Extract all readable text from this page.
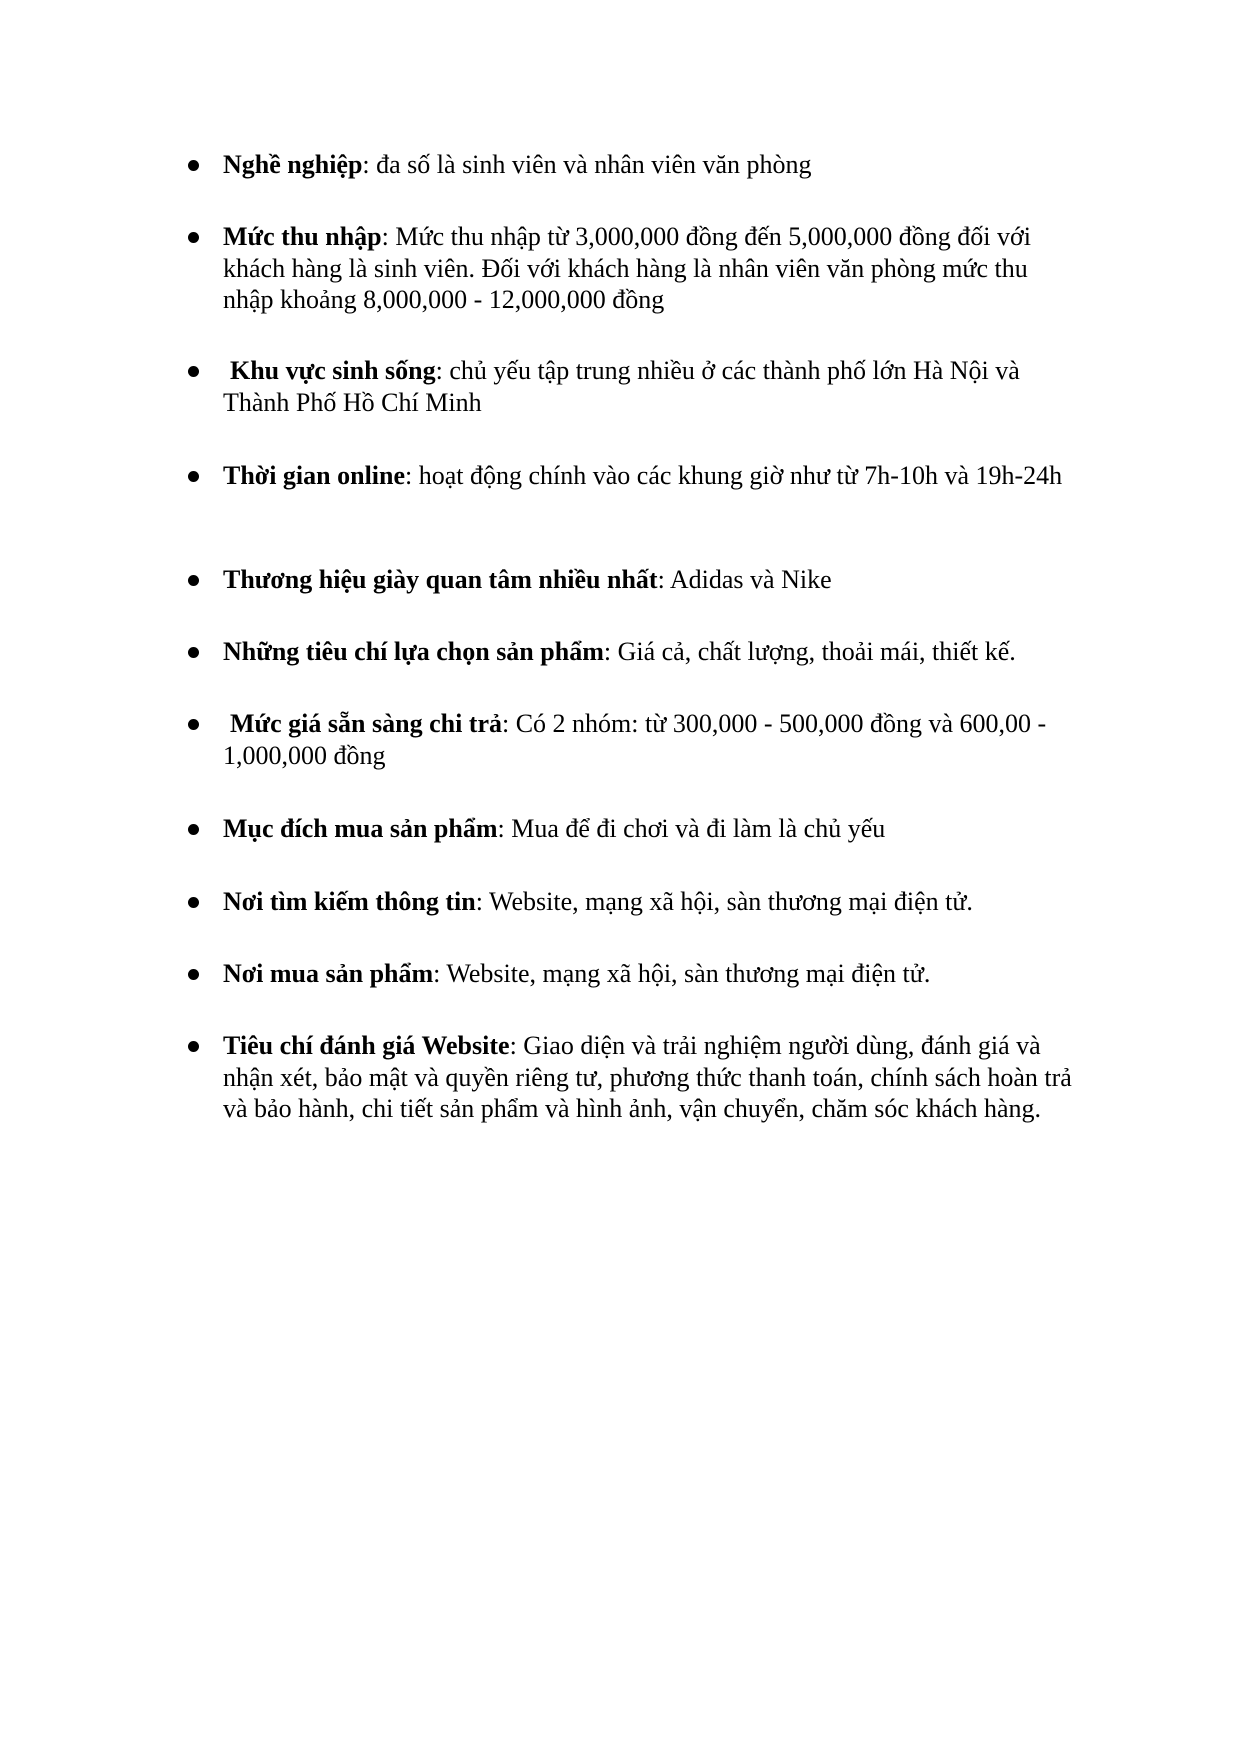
Nghề nghiệp: đa số là sinh viên và nhân viên văn phòng
Mức thu nhập: Mức thu nhập từ 3,000,000 đồng đến 5,000,000 đồng đối với khách hàng là sinh viên. Đối với khách hàng là nhân viên văn phòng mức thu nhập khoảng 8,000,000 - 12,000,000 đồng
Khu vực sinh sống: chủ yếu tập trung nhiều ở các thành phố lớn Hà Nội và Thành Phố Hồ Chí Minh
Thời gian online: hoạt động chính vào các khung giờ như từ 7h-10h và 19h-24h
Thương hiệu giày quan tâm nhiều nhất: Adidas và Nike
Những tiêu chí lựa chọn sản phẩm: Giá cả, chất lượng, thoải mái, thiết kế.
Mức giá sẵn sàng chi trả: Có 2 nhóm: từ 300,000 - 500,000 đồng và 600,00 - 1,000,000 đồng
Mục đích mua sản phẩm: Mua để đi chơi và đi làm là chủ yếu
Nơi tìm kiếm thông tin: Website, mạng xã hội, sàn thương mại điện tử.
Nơi mua sản phẩm: Website, mạng xã hội, sàn thương mại điện tử.
Tiêu chí đánh giá Website: Giao diện và trải nghiệm người dùng, đánh giá và nhận xét, bảo mật và quyền riêng tư, phương thức thanh toán, chính sách hoàn trả và bảo hành, chi tiết sản phẩm và hình ảnh, vận chuyển, chăm sóc khách hàng.
